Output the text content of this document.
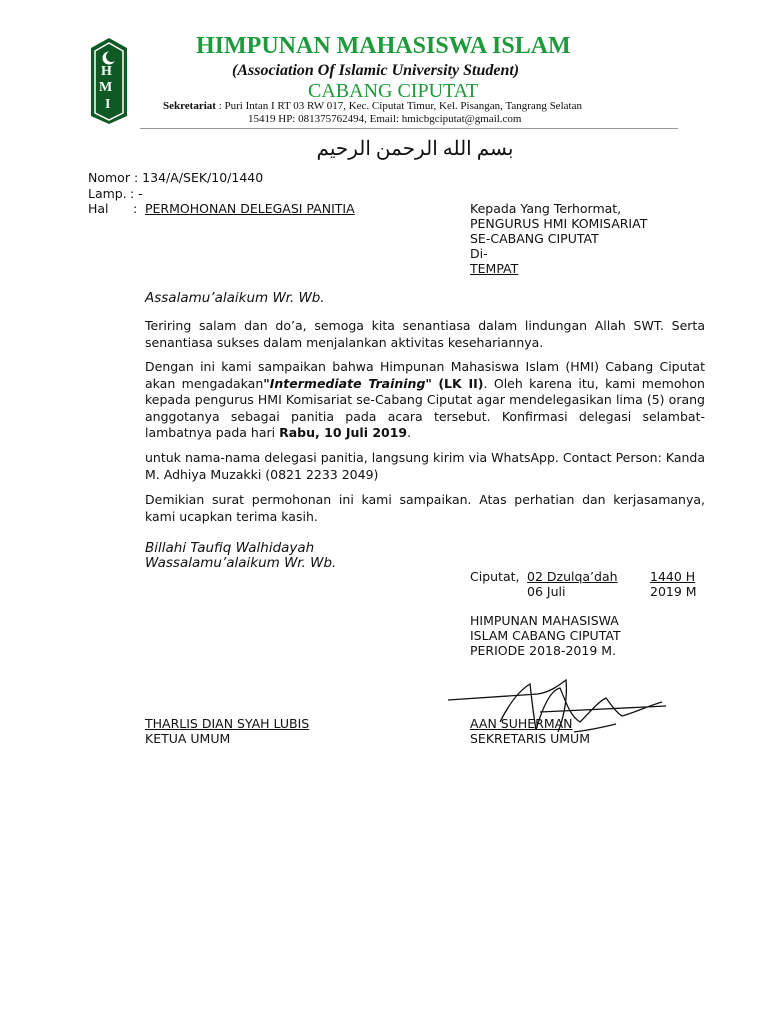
H
M
I
HIMPUNAN MAHASISWA ISLAM
(Association Of Islamic University Student)
CABANG CIPUTAT
Sekretariat : Puri Intan I RT 03 RW 017, Kec. Ciputat Timur, Kel. Pisangan, Tangrang Selatan
15419 HP: 081375762494, Email: hmicbgciputat@gmail.com
بسم الله الرحمن الرحيم
Nomor : 134/A/SEK/10/1440
Lamp. : -
Hal : PERMOHONAN DELEGASI PANITIA	Kepada Yang Terhormat,
PENGURUS HMI KOMISARIAT
SE-CABANG CIPUTAT
Di-
TEMPAT
Assalamu’alaikum Wr. Wb.
Teriring salam dan do’a, semoga kita senantiasa dalam lindungan Allah SWT. Serta senantiasa sukses dalam menjalankan aktivitas kesehariannya.
Dengan ini kami sampaikan bahwa Himpunan Mahasiswa Islam (HMI) Cabang Ciputat akan mengadakan"Intermediate Training" (LK II). Oleh karena itu, kami memohon kepada pengurus HMI Komisariat se-Cabang Ciputat agar mendelegasikan lima (5) orang anggotanya sebagai panitia pada acara tersebut. Konfirmasi delegasi selambat-lambatnya pada hari Rabu, 10 Juli 2019.
untuk nama-nama delegasi panitia, langsung kirim via WhatsApp. Contact Person: Kanda M. Adhiya Muzakki (0821 2233 2049)
Demikian surat permohonan ini kami sampaikan. Atas perhatian dan kerjasamanya, kami ucapkan terima kasih.
Billahi Taufiq Walhidayah
Wassalamu’alaikum Wr. Wb.
Ciputat, 02 Dzulqa’dah	1440 H
06 Juli	2019 M
HIMPUNAN MAHASISWA
ISLAM CABANG CIPUTAT
PERIODE 2018-2019 M.
THARLIS DIAN SYAH LUBIS
KETUA UMUM
AAN SUHERMAN
SEKRETARIS UMUM
